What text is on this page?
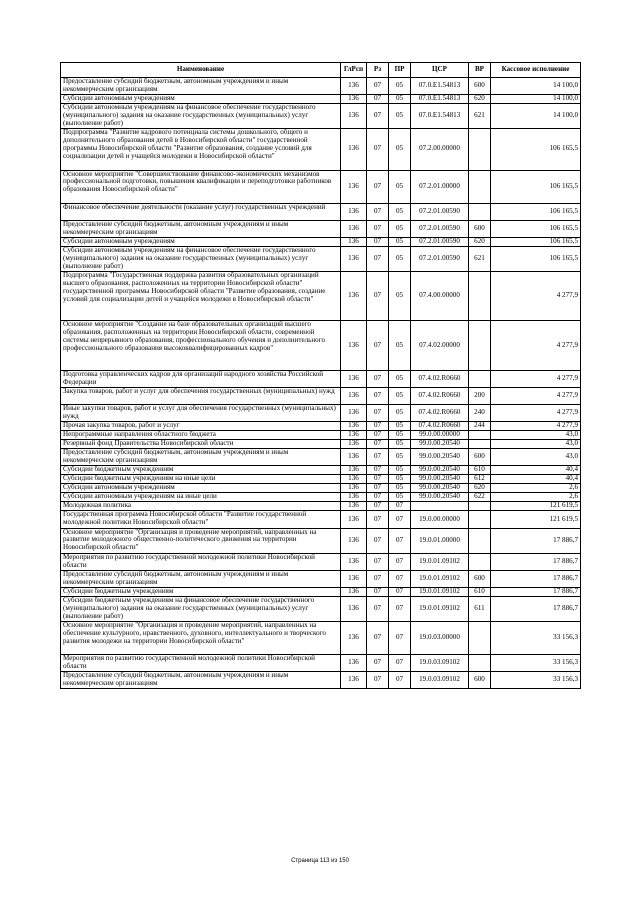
Наименование	ГлРсп	Рз	ПР	ЦСР	ВР	Кассовое исполнение
Предоставление субсидий бюджетным, автономным учреждениям и иным некоммерческим организациям	136	07	05	07.0.E1.54813	600	14 100,0
Субсидии автономным учреждениям	136	07	05	07.0.E1.54813	620	14 100,0
Субсидии автономным учреждениям на финансовое обеспечение государственного (муниципального) задания на оказание государственных (муниципальных) услуг (выполнение работ)	136	07	05	07.0.E1.54813	621	14 100,0
Подпрограмма "Развитие кадрового потенциала системы дошкольного, общего и дополнительного образования детей в Новосибирской области" государственной программы Новосибирской области "Развитие образования, создание условий для социализации детей и учащейся молодежи в Новосибирской области"	136	07	05	07.2.00.00000		106 165,5
Основное мероприятие "Совершенствование финансово-экономических механизмов профессиональной подготовки, повышения квалификации и переподготовки работников образования Новосибирской области"	136	07	05	07.2.01.00000		106 165,5
Финансовое обеспечение деятельности (оказание услуг) государственных учреждений	136	07	05	07.2.01.00590		106 165,5
Предоставление субсидий бюджетным, автономным учреждениям и иным некоммерческим организациям	136	07	05	07.2.01.00590	600	106 165,5
Субсидии автономным учреждениям	136	07	05	07.2.01.00590	620	106 165,5
Субсидии автономным учреждениям на финансовое обеспечение государственного (муниципального) задания на оказание государственных (муниципальных) услуг (выполнение работ)	136	07	05	07.2.01.00590	621	106 165,5
Подпрограмма "Государственная поддержка развития образовательных организаций высшего образования, расположенных на территории Новосибирской области" государственной программы Новосибирской области "Развитие образования, создание условий для социализации детей и учащейся молодежи в Новосибирской области"	136	07	05	07.4.00.00000		4 277,9
Основное мероприятие "Создание на базе образовательных организаций высшего образования, расположенных на территории Новосибирской области, современной системы непрерывного образования, профессионального обучения и дополнительного профессионального образования высококвалифицированных кадров"	136	07	05	07.4.02.00000		4 277,9
Подготовка управленческих кадров для организаций народного хозяйства Российской Федерации	136	07	05	07.4.02.R0660		4 277,9
Закупка товаров, работ и услуг для обеспечения государственных (муниципальных) нужд	136	07	05	07.4.02.R0660	200	4 277,9
Иные закупки товаров, работ и услуг для обеспечения государственных (муниципальных) нужд	136	07	05	07.4.02.R0660	240	4 277,9
Прочая закупка товаров, работ и услуг	136	07	05	07.4.02.R0660	244	4 277,9
Непрограммные направления областного бюджета	136	07	05	99.0.00.00000		43,0
Резервный фонд Правительства Новосибирской области	136	07	05	99.0.00.20540		43,0
Предоставление субсидий бюджетным, автономным учреждениям и иным некоммерческим организациям	136	07	05	99.0.00.20540	600	43,0
Субсидии бюджетным учреждениям	136	07	05	99.0.00.20540	610	40,4
Субсидии бюджетным учреждениям на иные цели	136	07	05	99.0.00.20540	612	40,4
Субсидии автономным учреждениям	136	07	05	99.0.00.20540	620	2,6
Субсидии автономным учреждениям на иные цели	136	07	05	99.0.00.20540	622	2,6
Молодежная политика	136	07	07			121 619,5
Государственная программа Новосибирской области "Развитие государственной молодежной политики Новосибирской области"	136	07	07	19.0.00.00000		121 619,5
Основное мероприятие "Организация и проведение мероприятий, направленных на развитие молодежного общественно-политического движения на территории Новосибирской области"	136	07	07	19.0.01.00000		17 886,7
Мероприятия по развитию государственной молодежной политики Новосибирской области	136	07	07	19.0.01.09102		17 886,7
Предоставление субсидий бюджетным, автономным учреждениям и иным некоммерческим организациям	136	07	07	19.0.01.09102	600	17 886,7
Субсидии бюджетным учреждениям	136	07	07	19.0.01.09102	610	17 886,7
Субсидии бюджетным учреждениям на финансовое обеспечение государственного (муниципального) задания на оказание государственных (муниципальных) услуг (выполнение работ)	136	07	07	19.0.01.09102	611	17 886,7
Основное мероприятие "Организация и проведение мероприятий, направленных на обеспечение культурного, нравственного, духовного, интеллектуального и творческого развития молодежи на территории Новосибирской области"	136	07	07	19.0.03.00000		33 156,3
Мероприятия по развитию государственной молодежной политики Новосибирской области	136	07	07	19.0.03.09102		33 156,3
Предоставление субсидий бюджетным, автономным учреждениям и иным некоммерческим организациям	136	07	07	19.0.03.09102	600	33 156,3
Страница 113 из 150
